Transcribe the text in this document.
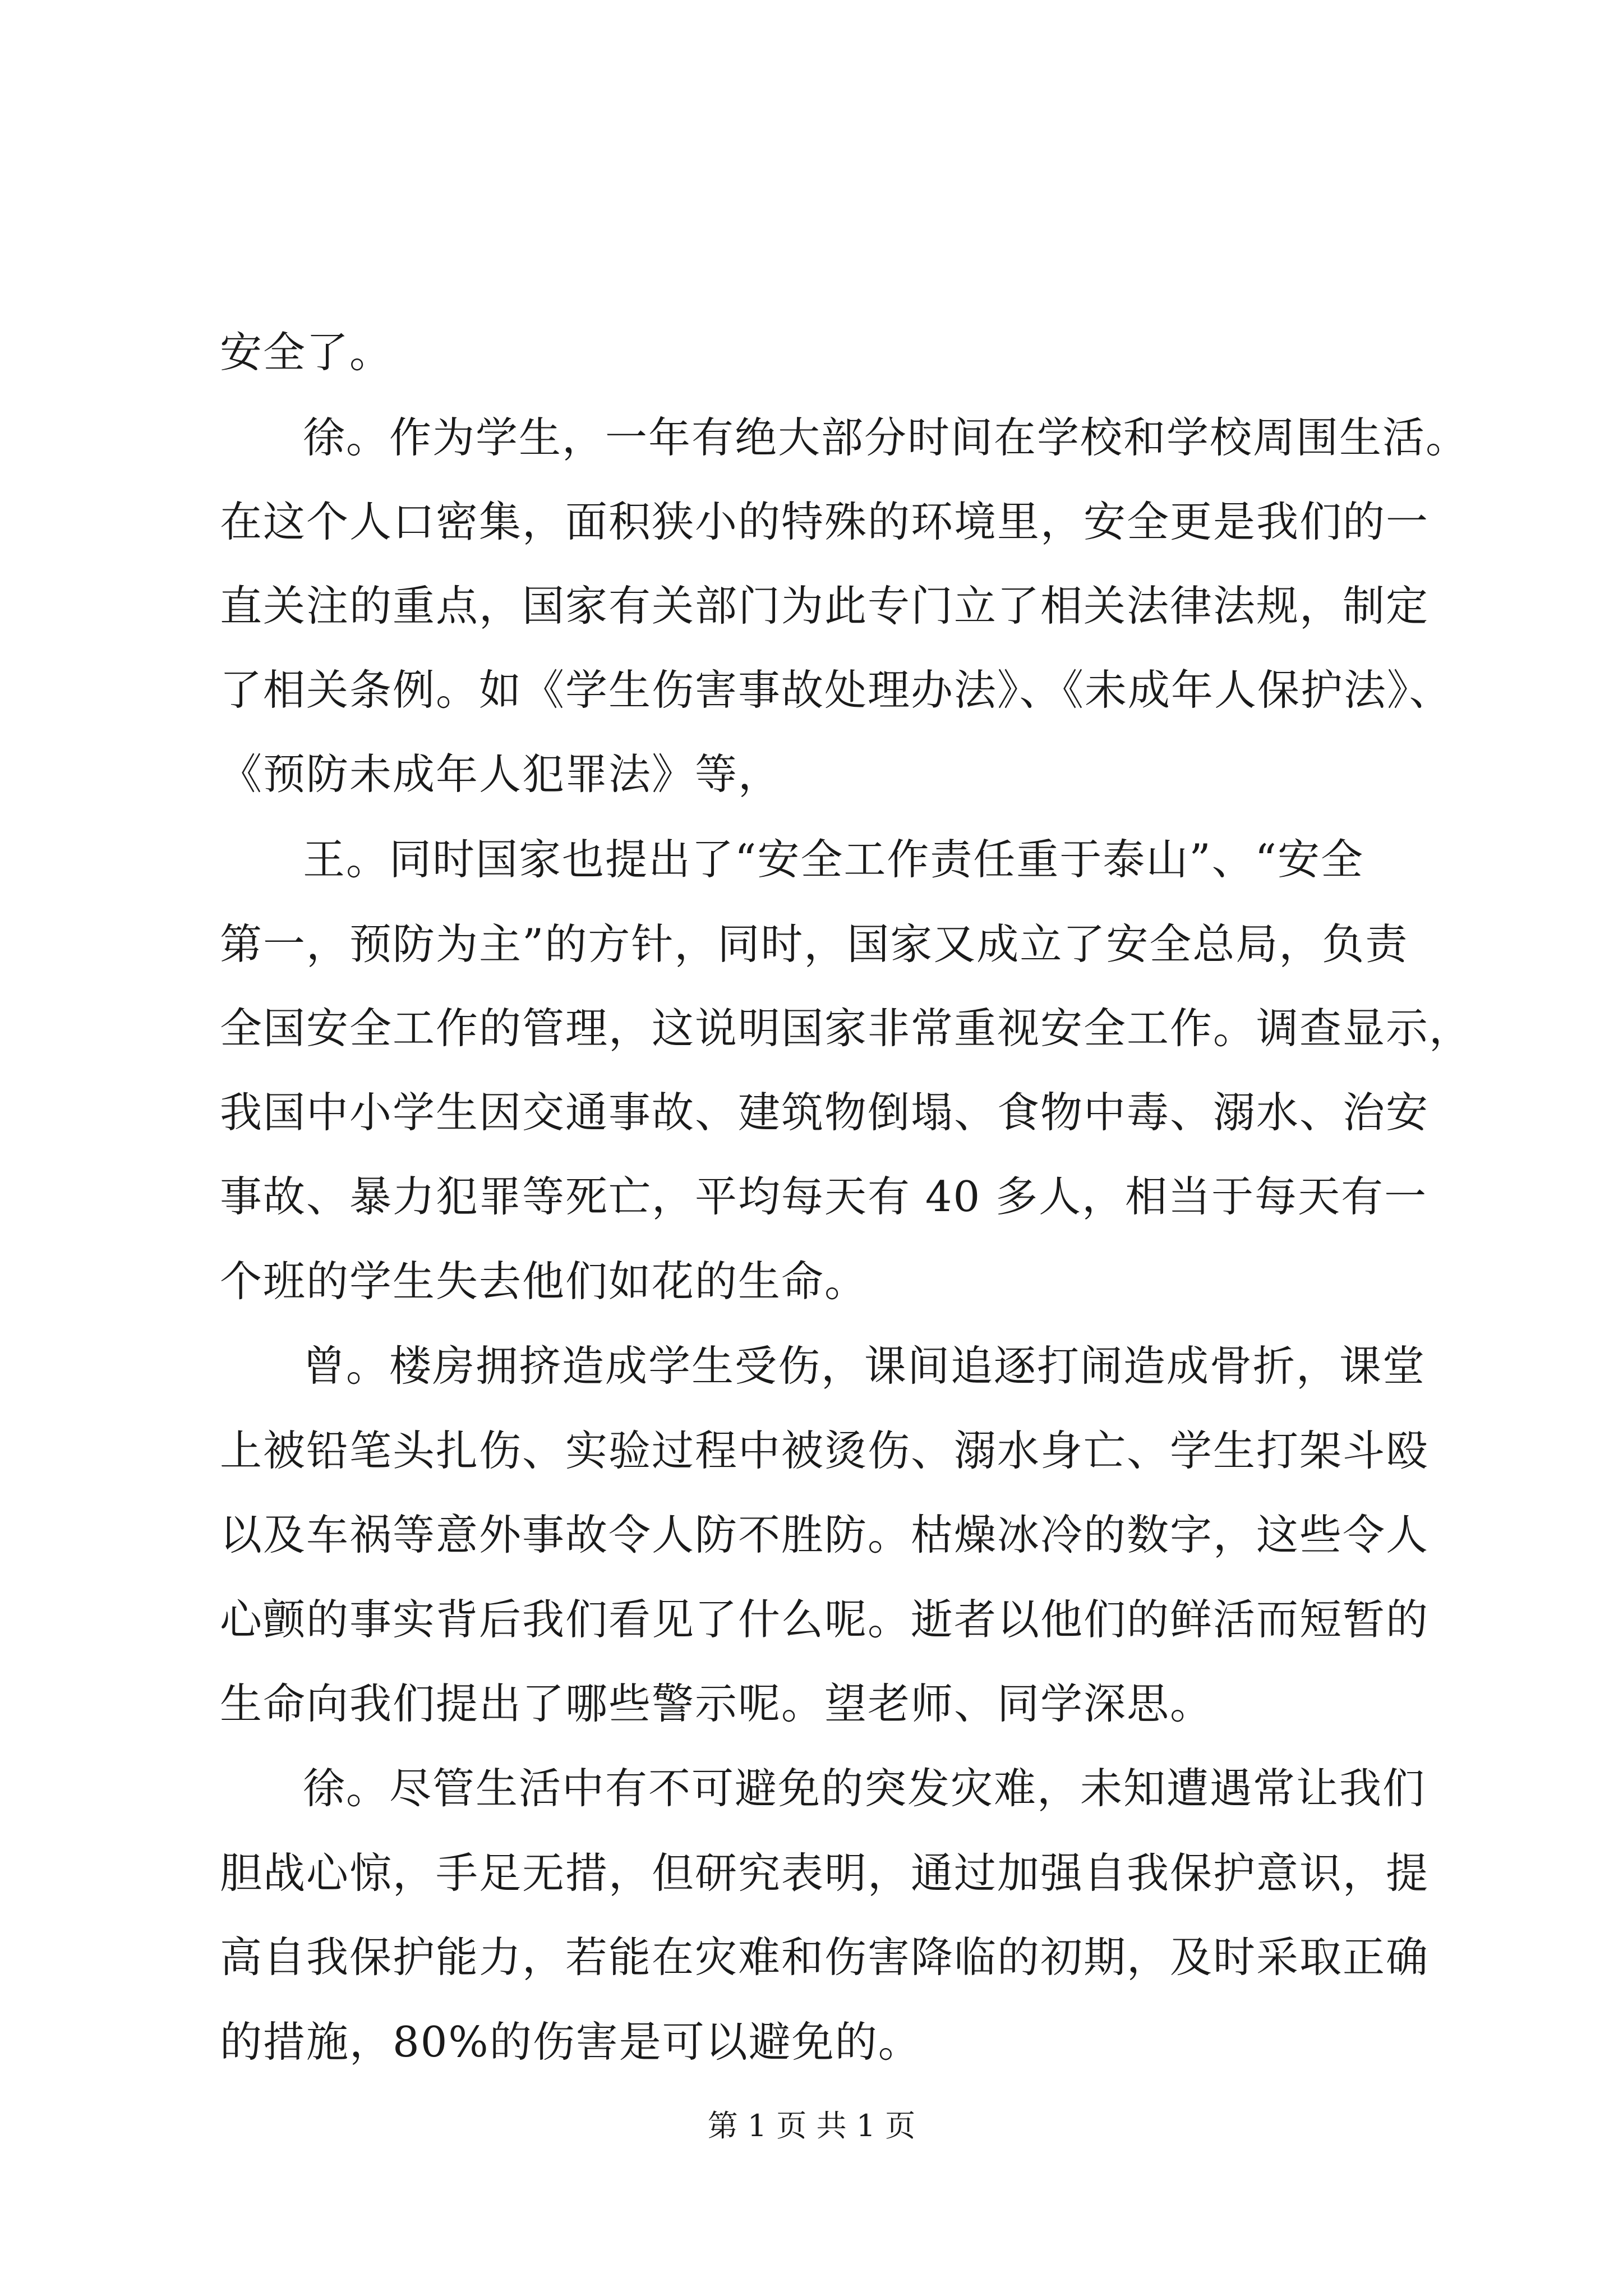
安全了。
徐。作为学生，一年有绝大部分时间在学校和学校周围生活。
在这个人口密集，面积狭小的特殊的环境里，安全更是我们的一
直关注的重点，国家有关部门为此专门立了相关法律法规，制定
了相关条例。如《学生伤害事故处理办法》、《未成年人保护法》、
《预防未成年人犯罪法》等，
王。同时国家也提出了“安全工作责任重于泰山”、“安全
第一，预防为主”的方针，同时，国家又成立了安全总局，负责
全国安全工作的管理，这说明国家非常重视安全工作。调查显示，
我国中小学生因交通事故、建筑物倒塌、食物中毒、溺水、治安
事故、暴力犯罪等死亡，平均每天有 40 多人，相当于每天有一
个班的学生失去他们如花的生命。
曾。楼房拥挤造成学生受伤，课间追逐打闹造成骨折，课堂
上被铅笔头扎伤、实验过程中被烫伤、溺水身亡、学生打架斗殴
以及车祸等意外事故令人防不胜防。枯燥冰冷的数字，这些令人
心颤的事实背后我们看见了什么呢。逝者以他们的鲜活而短暂的
生命向我们提出了哪些警示呢。望老师、同学深思。
徐。尽管生活中有不可避免的突发灾难，未知遭遇常让我们
胆战心惊，手足无措，但研究表明，通过加强自我保护意识，提
高自我保护能力，若能在灾难和伤害降临的初期，及时采取正确
的措施，80%的伤害是可以避免的。
第 1 页 共 1 页
